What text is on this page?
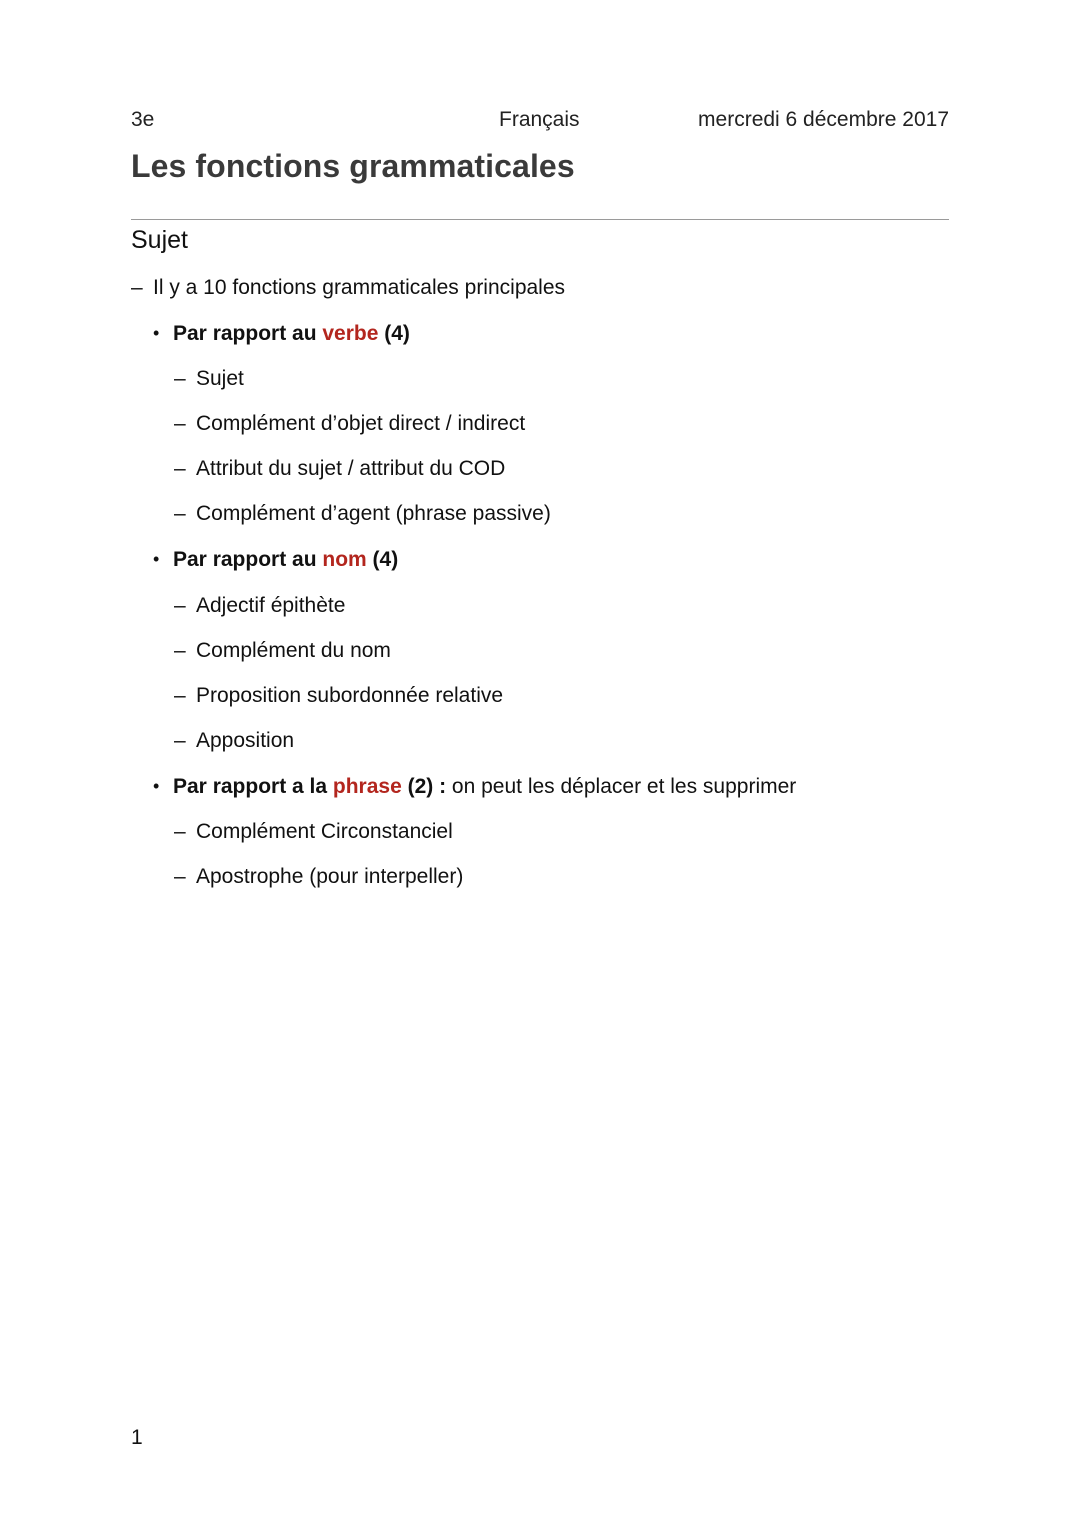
3e	Français	mercredi 6 décembre 2017
Les fonctions grammaticales
Sujet
– Il y a 10 fonctions grammaticales principales
• Par rapport au verbe (4)
– Sujet
– Complément d’objet direct / indirect
– Attribut du sujet / attribut du COD
– Complément d’agent (phrase passive)
• Par rapport au nom (4)
– Adjectif épithète
– Complément du nom
– Proposition subordonnée relative
– Apposition
• Par rapport a la phrase (2) : on peut les déplacer et les supprimer
– Complément Circonstanciel
– Apostrophe (pour interpeller)
1
